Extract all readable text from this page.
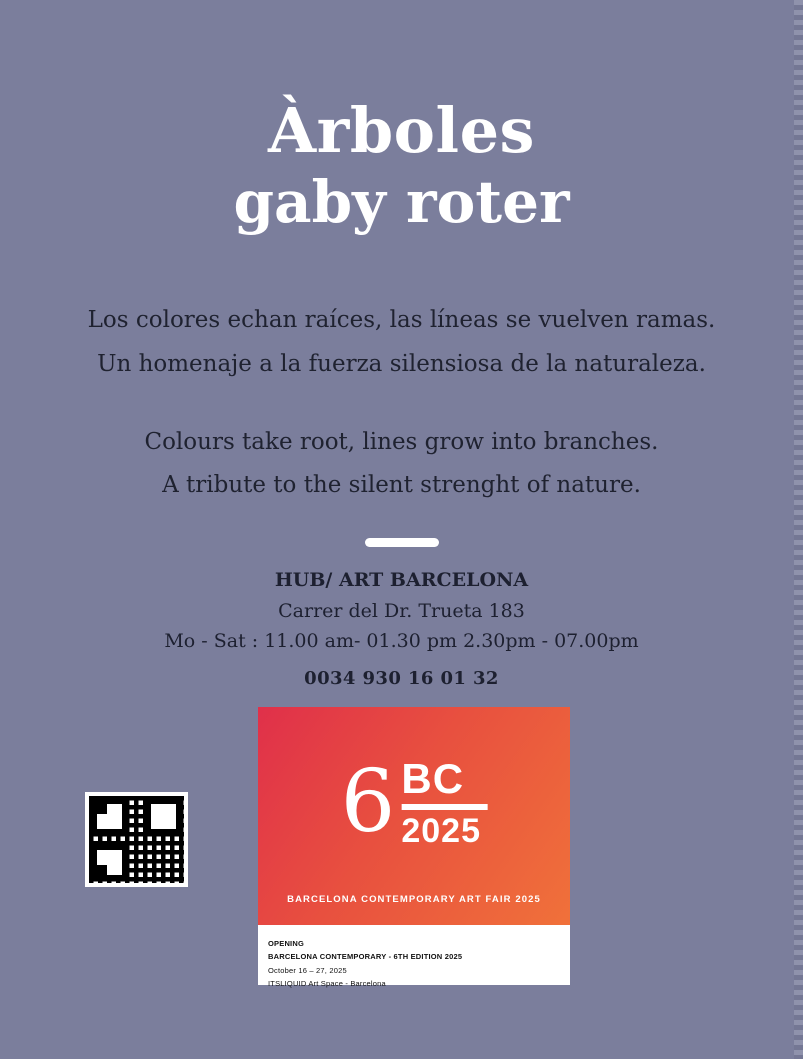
Àrboles
gaby roter
Los colores echan raíces, las líneas se vuelven ramas.
Un homenaje a la fuerza silensiosa de la naturaleza.
Colours take root, lines grow into branches.
A tribute to the silent strenght of nature.
HUB/ ART BARCELONA
Carrer del Dr. Trueta 183
Mo - Sat : 11.00 am- 01.30 pm 2.30pm - 07.00pm
0034 930 16 01 32
6 BC
2025
BARCELONA CONTEMPORARY ART FAIR 2025
OPENING
BARCELONA CONTEMPORARY - 6TH EDITION 2025
October 16 – 27, 2025
ITSLIQUID Art Space - Barcelona
